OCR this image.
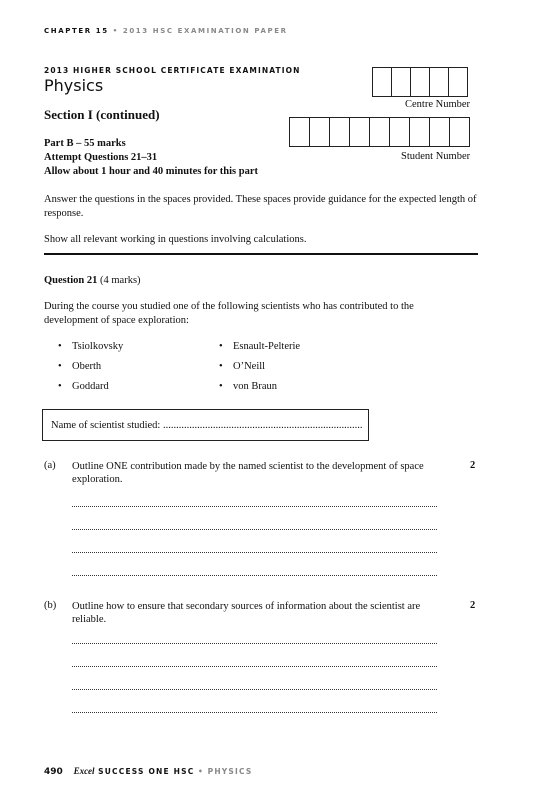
CHAPTER 15 • 2013 HSC EXAMINATION PAPER
2013 HIGHER SCHOOL CERTIFICATE EXAMINATION
Physics
Section I (continued)
Part B – 55 marks
Attempt Questions 21–31
Allow about 1 hour and 40 minutes for this part
Centre Number
Student Number
Answer the questions in the spaces provided. These spaces provide guidance for the expected length of response.
Show all relevant working in questions involving calculations.
Question 21 (4 marks)
During the course you studied one of the following scientists who has contributed to the development of space exploration:
• Tsiolkovsky
• Oberth
• Goddard
• Esnault-Pelterie
• O’Neill
• von Braun
Name of scientist studied: ............................................................................
(a) Outline ONE contribution made by the named scientist to the development of space exploration.
2
(b) Outline how to ensure that secondary sources of information about the scientist are reliable.
2
490 Excel SUCCESS ONE HSC • PHYSICS
